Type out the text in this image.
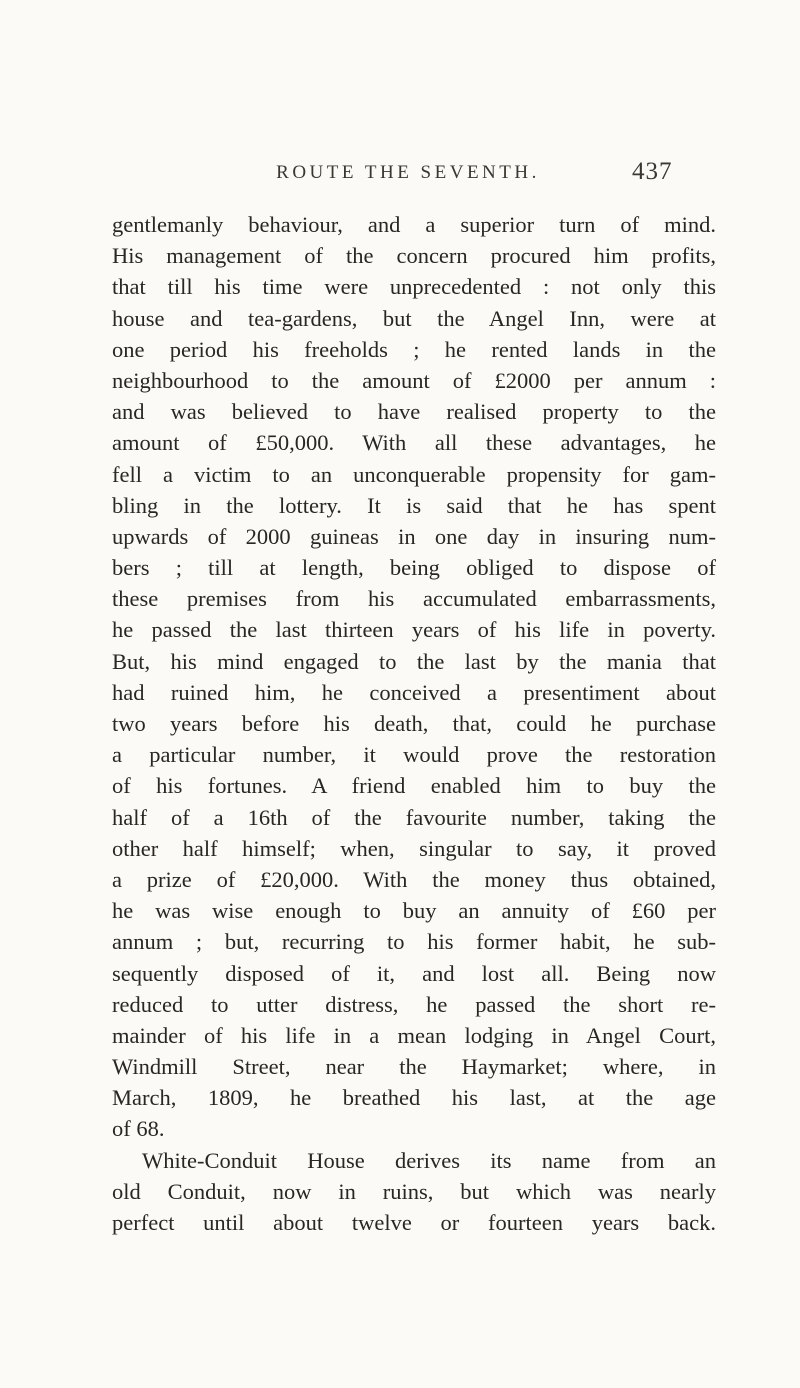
ROUTE THE SEVENTH.	437
gentlemanly behaviour, and a superior turn of mind.
His management of the concern procured him profits,
that till his time were unprecedented : not only this
house and tea-gardens, but the Angel Inn, were at
one period his freeholds ; he rented lands in the
neighbourhood to the amount of £2000 per annum :
and was believed to have realised property to the
amount of £50,000. With all these advantages, he
fell a victim to an unconquerable propensity for gam-
bling in the lottery. It is said that he has spent
upwards of 2000 guineas in one day in insuring num-
bers ; till at length, being obliged to dispose of
these premises from his accumulated embarrassments,
he passed the last thirteen years of his life in poverty.
But, his mind engaged to the last by the mania that
had ruined him, he conceived a presentiment about
two years before his death, that, could he purchase
a particular number, it would prove the restoration
of his fortunes. A friend enabled him to buy the
half of a 16th of the favourite number, taking the
other half himself; when, singular to say, it proved
a prize of £20,000. With the money thus obtained,
he was wise enough to buy an annuity of £60 per
annum ; but, recurring to his former habit, he sub-
sequently disposed of it, and lost all. Being now
reduced to utter distress, he passed the short re-
mainder of his life in a mean lodging in Angel Court,
Windmill Street, near the Haymarket; where, in
March, 1809, he breathed his last, at the age
of 68.
White-Conduit House derives its name from an
old Conduit, now in ruins, but which was nearly
perfect until about twelve or fourteen years back.
